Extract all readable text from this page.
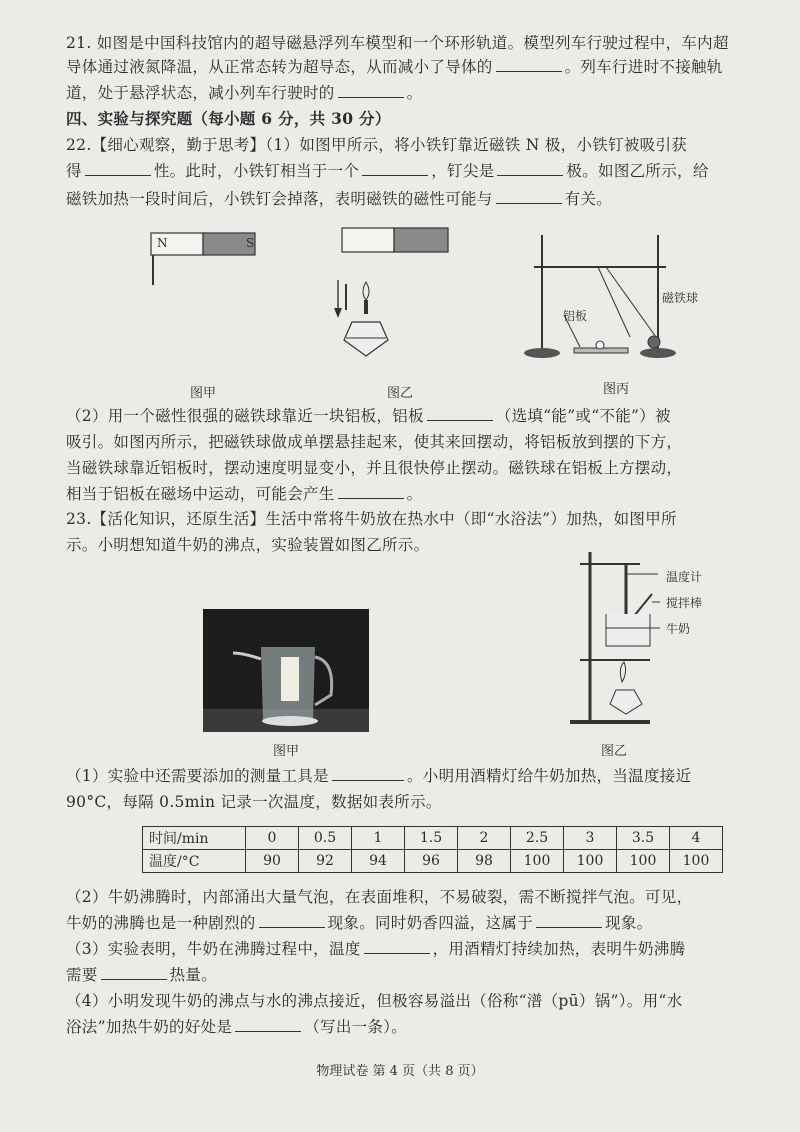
21. 如图是中国科技馆内的超导磁悬浮列车模型和一个环形轨道。模型列车行驶过程中，车内超
导体通过液氮降温，从正常态转为超导态，从而减小了导体的	。列车行进时不接触轨
道，处于悬浮状态，减小列车行驶时的	。
四、实验与探究题（每小题 6 分，共 30 分）
22.【细心观察，勤于思考】（1）如图甲所示，将小铁钉靠近磁铁 N 极，小铁钉被吸引获
得	性。此时，小铁钉相当于一个	，钉尖是	极。如图乙所示，给
磁铁加热一段时间后，小铁钉会掉落，表明磁铁的磁性可能与	有关。
N	S
铝板
磁铁球
图甲	图乙	图丙
（2）用一个磁性很强的磁铁球靠近一块铝板，铝板	（选填“能”或“不能”）被
吸引。如图丙所示，把磁铁球做成单摆悬挂起来，使其来回摆动，将铝板放到摆的下方，
当磁铁球靠近铝板时，摆动速度明显变小，并且很快停止摆动。磁铁球在铝板上方摆动，
相当于铝板在磁场中运动，可能会产生	。
23.【活化知识，还原生活】生活中常将牛奶放在热水中（即“水浴法”）加热，如图甲所
示。小明想知道牛奶的沸点，实验装置如图乙所示。
温度计
搅拌棒
牛奶
图甲	图乙
（1）实验中还需要添加的测量工具是	。小明用酒精灯给牛奶加热，当温度接近
90°C，每隔 0.5min 记录一次温度，数据如表所示。
时间/min	0	0.5	1	1.5	2	2.5	3	3.5	4
温度/°C	90	92	94	96	98	100	100	100	100
（2）牛奶沸腾时，内部涌出大量气泡，在表面堆积，不易破裂，需不断搅拌气泡。可见，
牛奶的沸腾也是一种剧烈的	现象。同时奶香四溢，这属于	现象。
（3）实验表明，牛奶在沸腾过程中，温度	，用酒精灯持续加热，表明牛奶沸腾
需要	热量。
（4）小明发现牛奶的沸点与水的沸点接近，但极容易溢出（俗称“潽（pū）锅”）。用“水
浴法”加热牛奶的好处是	（写出一条）。
物理试卷 第 4 页（共 8 页）
